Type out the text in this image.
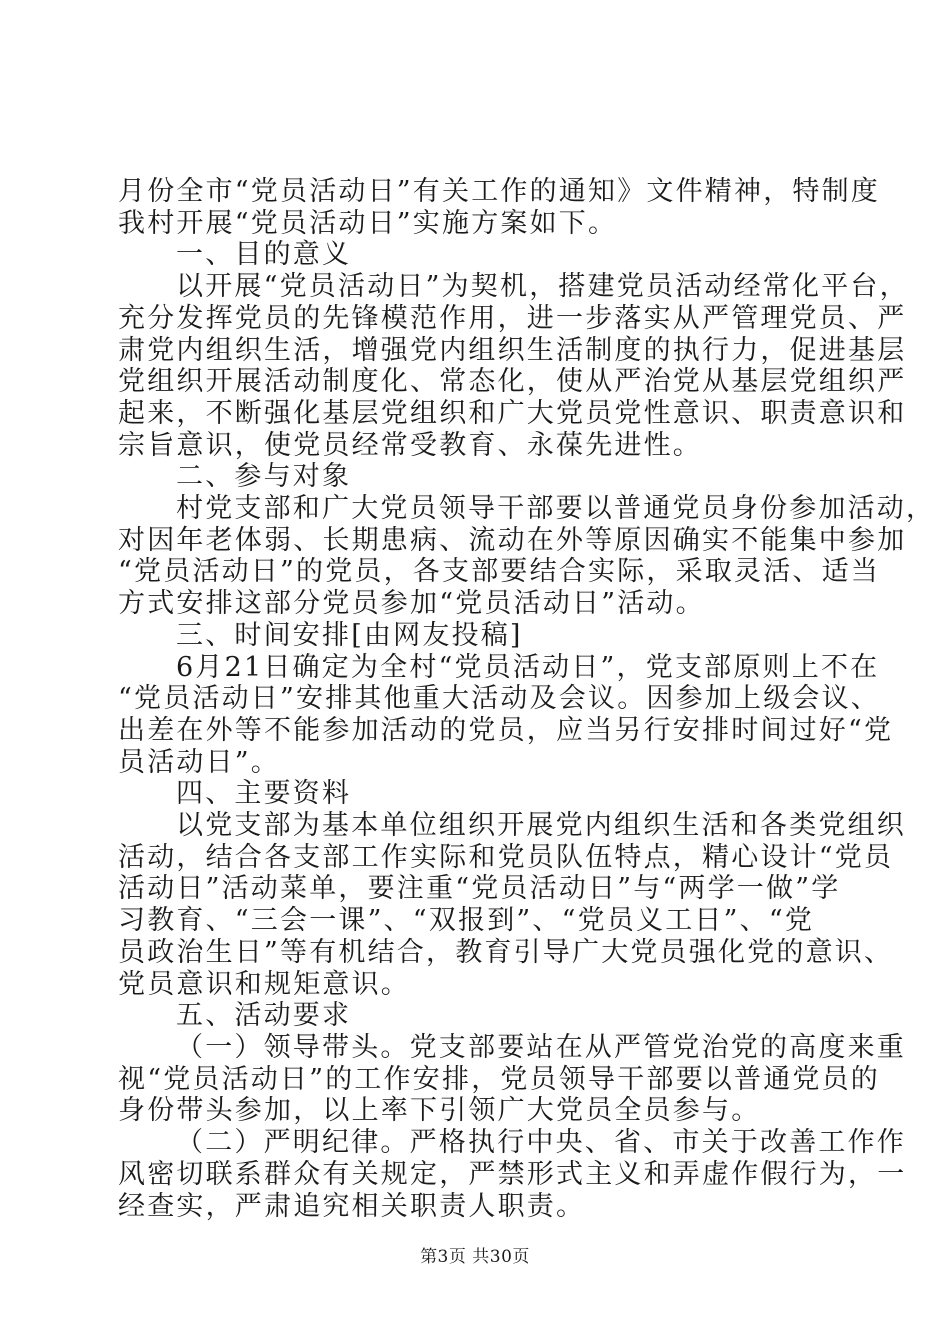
月份全市“党员活动日”有关工作的通知》文件精神，特制度
我村开展“党员活动日”实施方案如下。
一、目的意义
以开展“党员活动日”为契机，搭建党员活动经常化平台，
充分发挥党员的先锋模范作用，进一步落实从严管理党员、严
肃党内组织生活，增强党内组织生活制度的执行力，促进基层
党组织开展活动制度化、常态化，使从严治党从基层党组织严
起来，不断强化基层党组织和广大党员党性意识、职责意识和
宗旨意识，使党员经常受教育、永葆先进性。
二、参与对象
村党支部和广大党员领导干部要以普通党员身份参加活动，
对因年老体弱、长期患病、流动在外等原因确实不能集中参加
“党员活动日”的党员，各支部要结合实际，采取灵活、适当
方式安排这部分党员参加“党员活动日”活动。
三、时间安排[由网友投稿]
6月21日确定为全村“党员活动日”，党支部原则上不在
“党员活动日”安排其他重大活动及会议。因参加上级会议、
出差在外等不能参加活动的党员，应当另行安排时间过好“党
员活动日”。
四、主要资料
以党支部为基本单位组织开展党内组织生活和各类党组织
活动，结合各支部工作实际和党员队伍特点，精心设计“党员
活动日”活动菜单，要注重“党员活动日”与“两学一做”学
习教育、“三会一课”、“双报到”、“党员义工日”、“党
员政治生日”等有机结合，教育引导广大党员强化党的意识、
党员意识和规矩意识。
五、活动要求
（一）领导带头。党支部要站在从严管党治党的高度来重
视“党员活动日”的工作安排，党员领导干部要以普通党员的
身份带头参加，以上率下引领广大党员全员参与。
（二）严明纪律。严格执行中央、省、市关于改善工作作
风密切联系群众有关规定，严禁形式主义和弄虚作假行为，一
经查实，严肃追究相关职责人职责。
第3页 共30页
